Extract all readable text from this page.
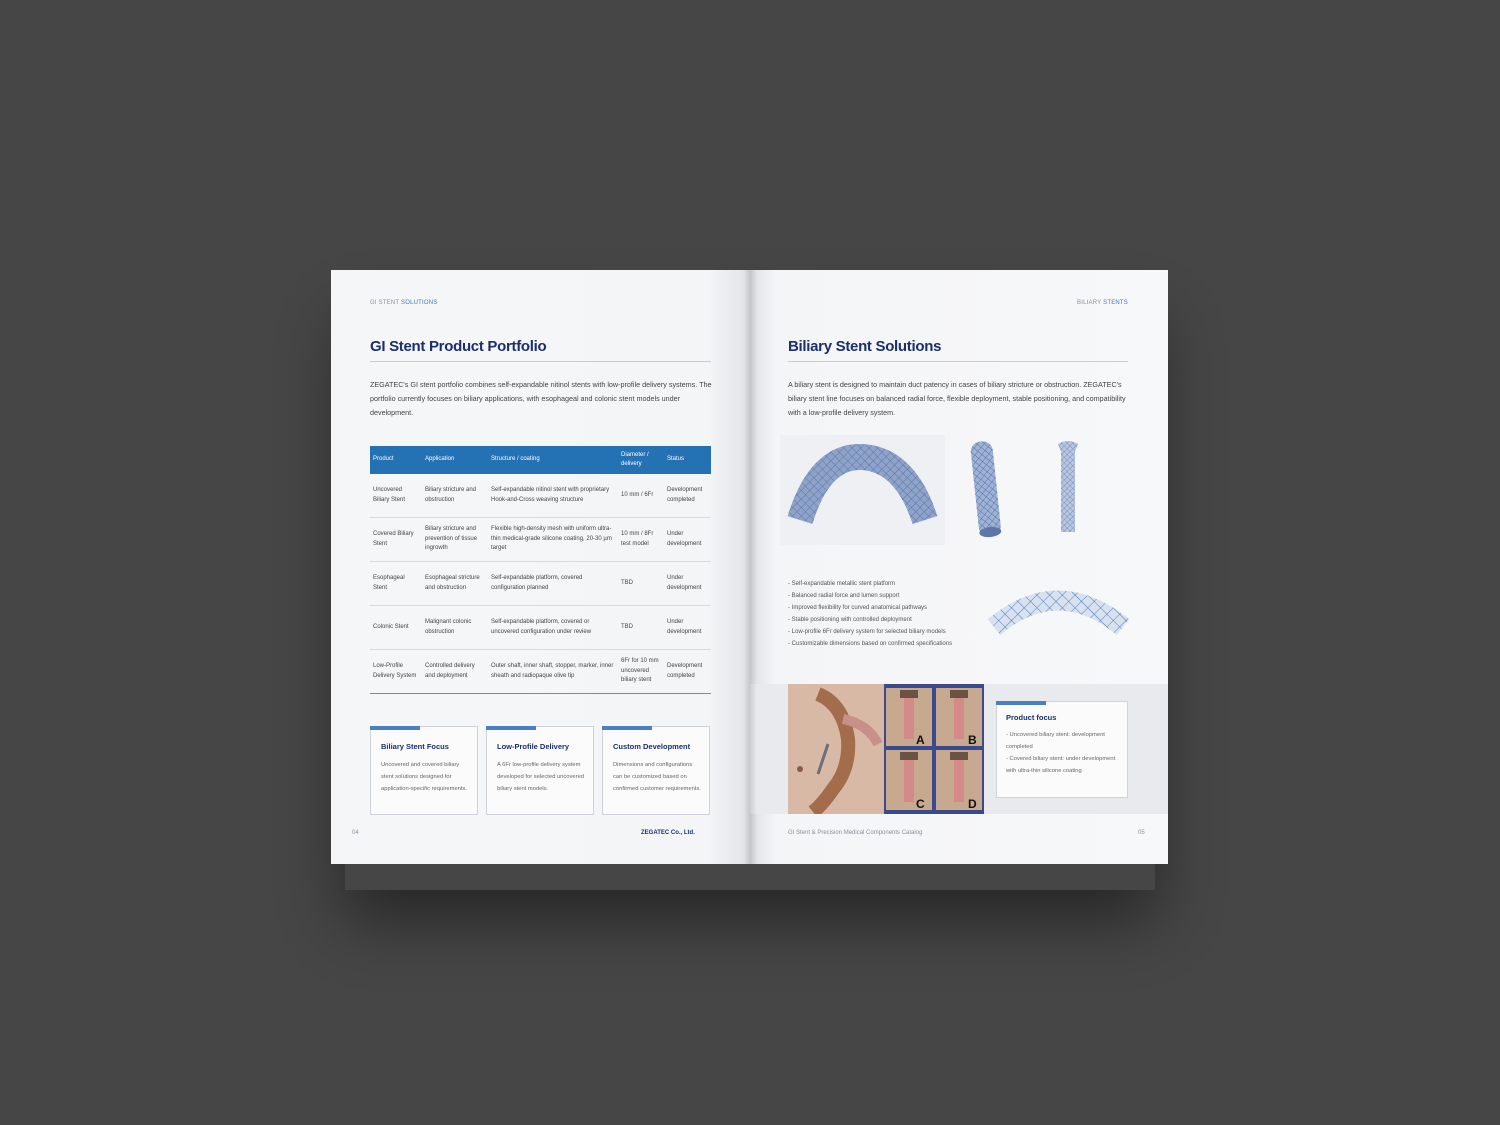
GI STENT SOLUTIONS
GI Stent Product Portfolio
ZEGATEC's GI stent portfolio combines self-expandable nitinol stents with low-profile delivery systems. The portfolio currently focuses on biliary applications, with esophageal and colonic stent models under development.
Product	Application	Structure / coating	Diameter / delivery	Status
Uncovered Biliary Stent	Biliary stricture and obstruction	Self-expandable nitinol stent with proprietary Hook-and-Cross weaving structure	10 mm / 6Fr	Development completed
Covered Biliary Stent	Biliary stricture and prevention of tissue ingrowth	Flexible high-density mesh with uniform ultra-thin medical-grade silicone coating, 20-30 µm target	10 mm / 8Fr test model	Under development
Esophageal Stent	Esophageal stricture and obstruction	Self-expandable platform, covered configuration planned	TBD	Under development
Colonic Stent	Malignant colonic obstruction	Self-expandable platform, covered or uncovered configuration under review	TBD	Under development
Low-Profile Delivery System	Controlled delivery and deployment	Outer shaft, inner shaft, stopper, marker, inner sheath and radiopaque olive tip	6Fr for 10 mm uncovered biliary stent	Development completed
Biliary Stent Focus
Uncovered and covered biliary stent solutions designed for application-specific requirements.
Low-Profile Delivery
A 6Fr low-profile delivery system developed for selected uncovered biliary stent models.
Custom Development
Dimensions and configurations can be customized based on confirmed customer requirements.
04	ZEGATEC Co., Ltd.
BILIARY STENTS
Biliary Stent Solutions
A biliary stent is designed to maintain duct patency in cases of biliary stricture or obstruction. ZEGATEC's biliary stent line focuses on balanced radial force, flexible deployment, stable positioning, and compatibility with a low-profile delivery system.
- Self-expandable metallic stent platform
- Balanced radial force and lumen support
- Improved flexibility for curved anatomical pathways
- Stable positioning with controlled deployment
- Low-profile 6Fr delivery system for selected biliary models
- Customizable dimensions based on confirmed specifications
A	B
C	D
Product focus
- Uncovered biliary stent: development completed
- Covered biliary stent: under development with ultra-thin silicone coating
GI Stent & Precision Medical Components Catalog	05
